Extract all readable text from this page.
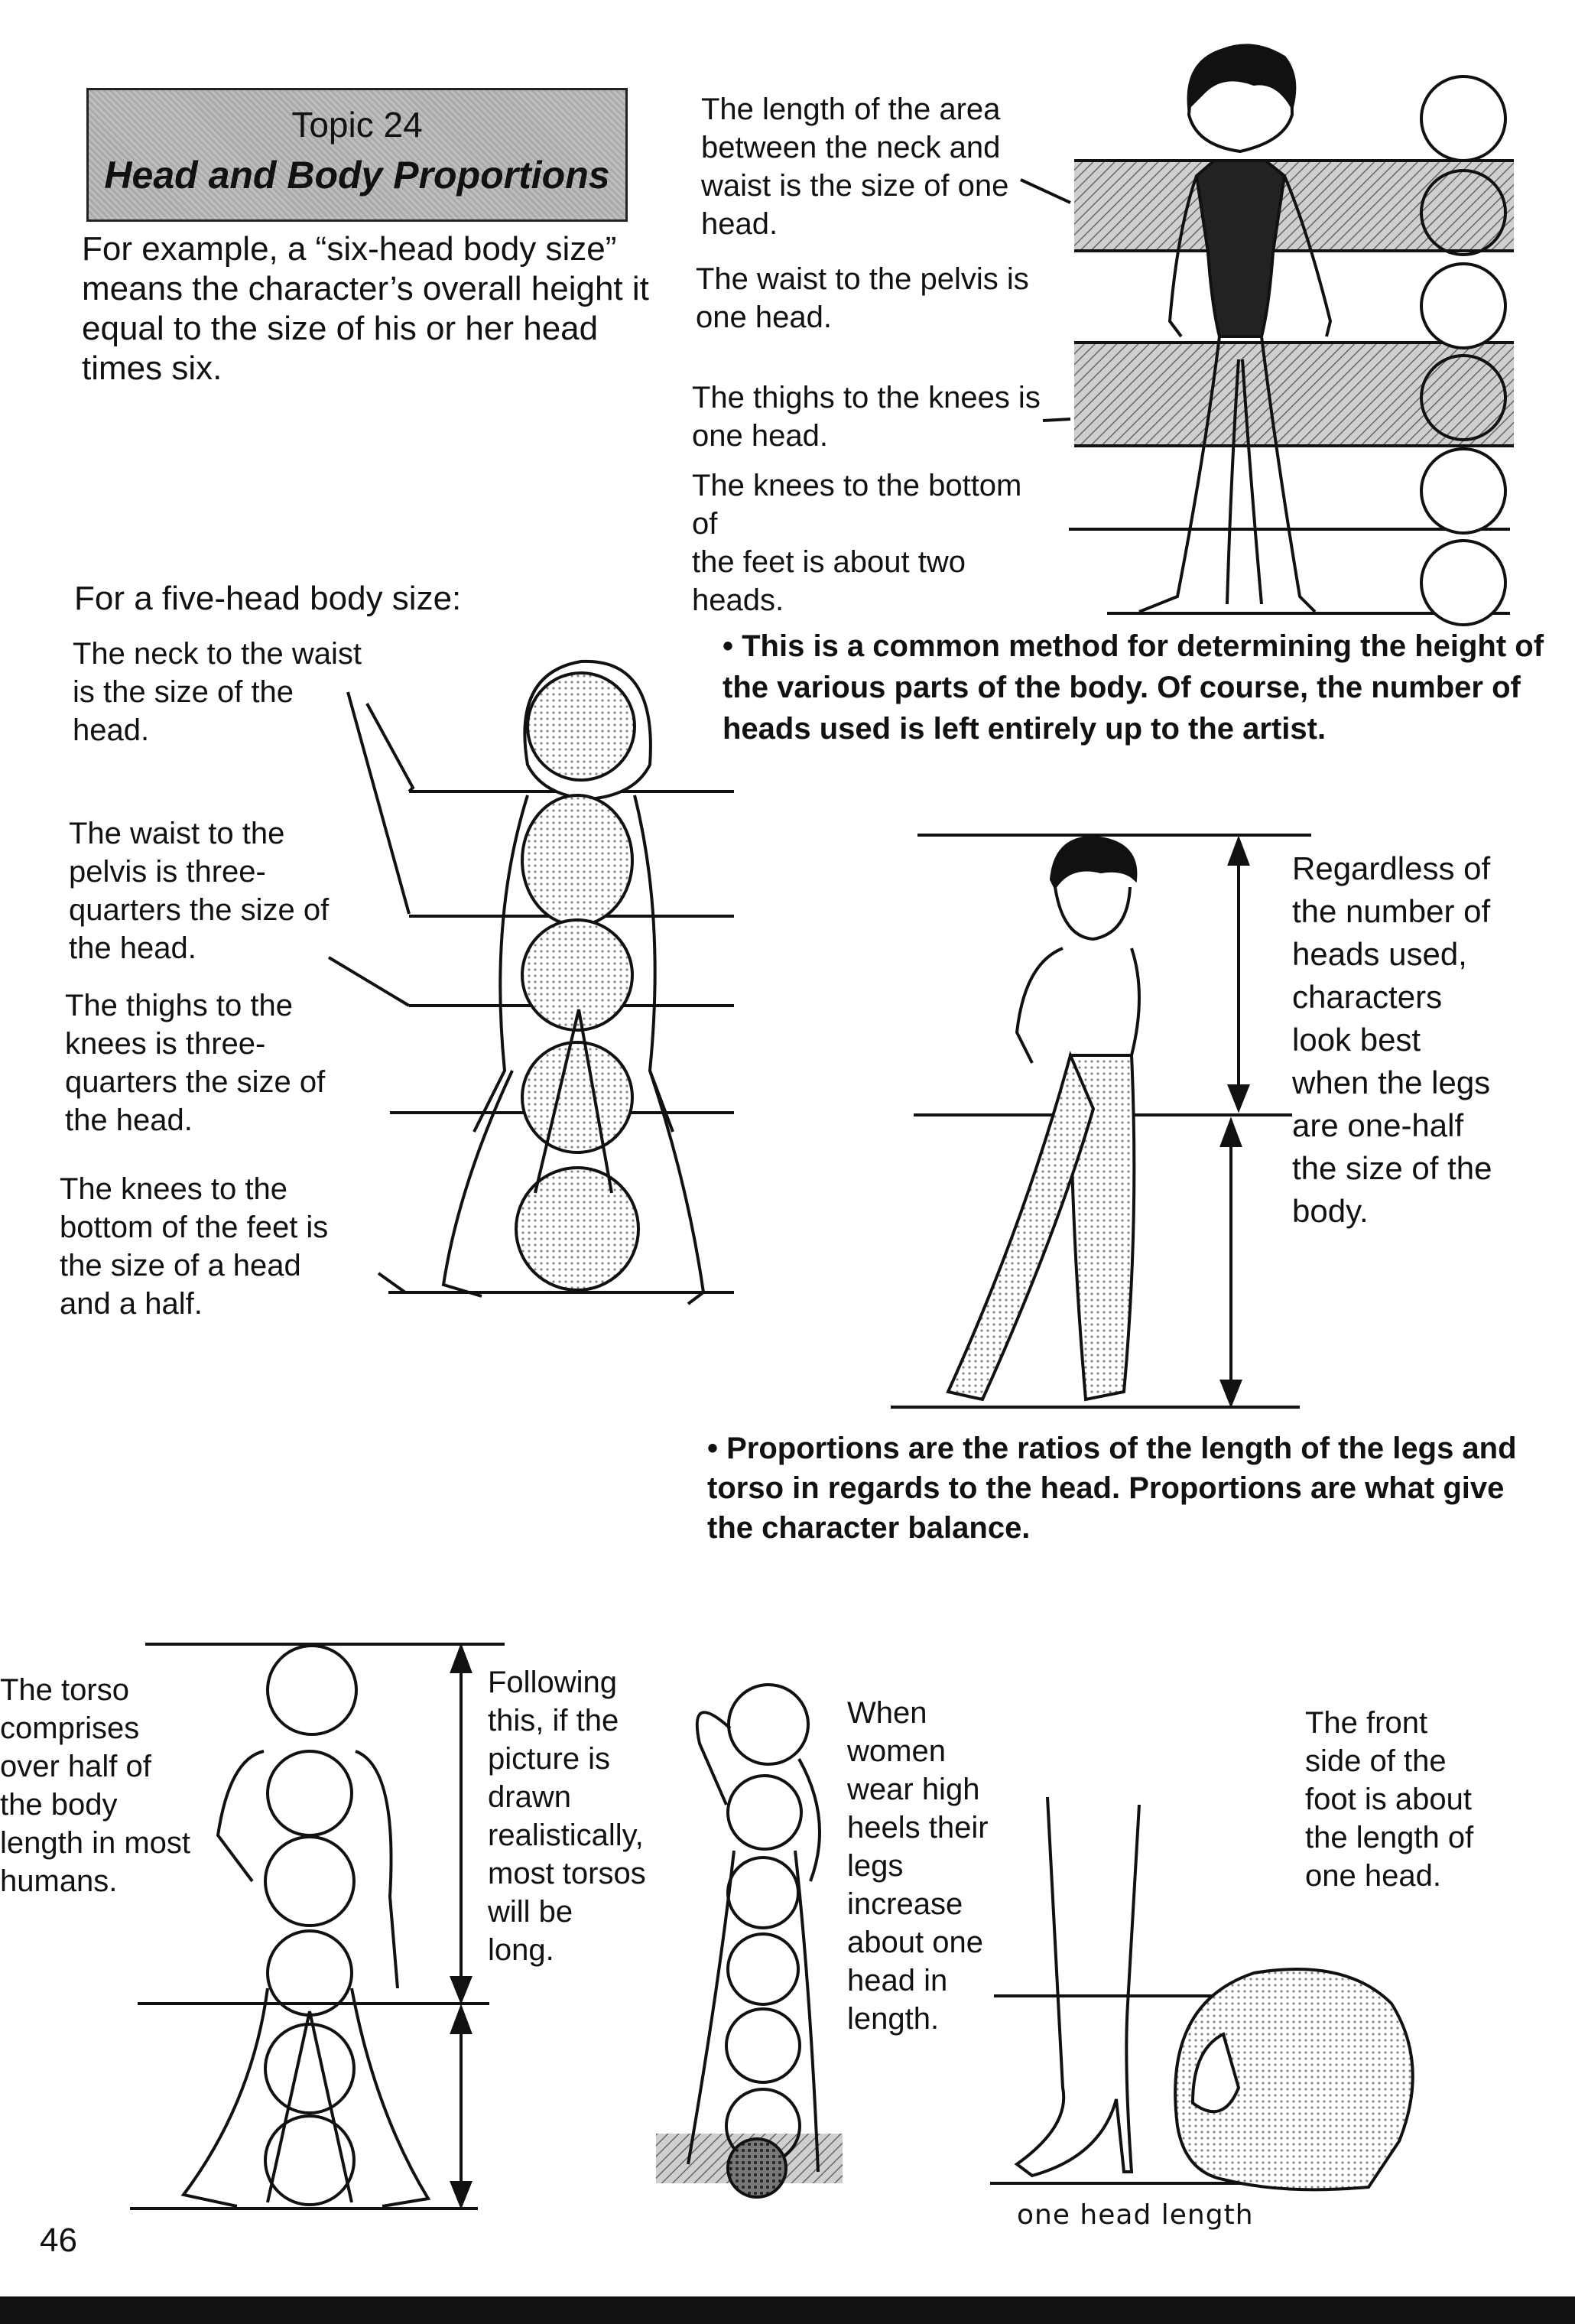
Topic 24
Head and Body Proportions
For example, a “six-head body size”
means the character’s overall height it
equal to the size of his or her head
times six.
The length of the area
between the neck and
waist is the size of one
head.
The waist to the pelvis is
one head.
The thighs to the knees is
one head.
The knees to the bottom of
the feet is about two
heads.
• This is a common method for determining the height of
the various parts of the body. Of course, the number of
heads used is left entirely up to the artist.
For a five-head body size:
The neck to the waist
is the size of the
head.
The waist to the
pelvis is three-
quarters the size of
the head.
The thighs to the
knees is three-
quarters the size of
the head.
The knees to the
bottom of the feet is
the size of a head
and a half.
Regardless of
the number of
heads used,
characters
look best
when the legs
are one-half
the size of the
body.
• Proportions are the ratios of the length of the legs and
torso in regards to the head. Proportions are what give
the character balance.
The torso
comprises
over half of
the body
length in most
humans.
Following
this, if the
picture is
drawn
realistically,
most torsos
will be
long.
When
women
wear high
heels their
legs
increase
about one
head in
length.
The front
side of the
foot is about
the length of
one head.
one head length
46
